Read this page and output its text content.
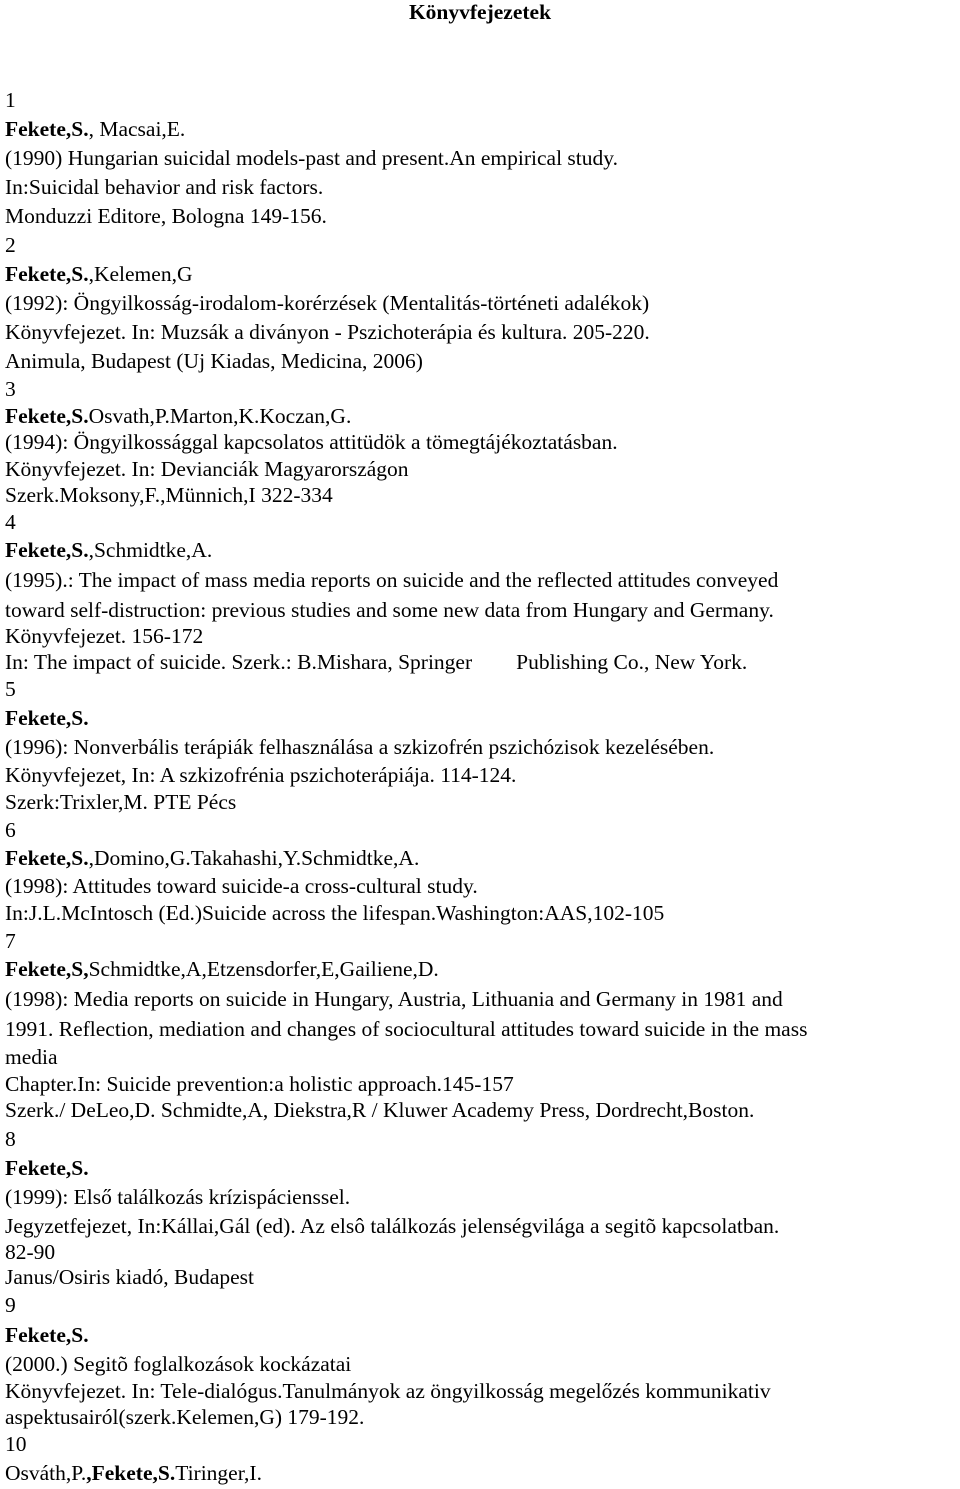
Könyvfejezetek
1
Fekete,S., Macsai,E.
(1990) Hungarian suicidal models-past and present.An empirical study.
In:Suicidal behavior and risk factors.
Monduzzi Editore, Bologna 149-156.
2
Fekete,S.,Kelemen,G
(1992): Öngyilkosság-irodalom-korérzések (Mentalitás-történeti adalékok)
Könyvfejezet. In: Muzsák a diványon - Pszichoterápia és kultura. 205-220.
Animula, Budapest (Uj Kiadas, Medicina, 2006)
3
Fekete,S.Osvath,P.Marton,K.Koczan,G.
(1994): Öngyilkossággal kapcsolatos attitüdök a tömegtájékoztatásban.
Könyvfejezet. In: Devianciák Magyarországon
Szerk.Moksony,F.,Münnich,I 322-334
4
Fekete,S.,Schmidtke,A.
(1995).: The impact of mass media reports on suicide and the reflected attitudes conveyed
toward self-distruction: previous studies and some new data from Hungary and Germany.
Könyvfejezet. 156-172
In: The impact of suicide. Szerk.: B.Mishara, Springer Publishing Co., New York.
5
Fekete,S.
(1996): Nonverbális terápiák felhasználása a szkizofrén pszichózisok kezelésében.
Könyvfejezet, In: A szkizofrénia pszichoterápiája. 114-124.
Szerk:Trixler,M. PTE Pécs
6
Fekete,S.,Domino,G.Takahashi,Y.Schmidtke,A.
(1998): Attitudes toward suicide-a cross-cultural study.
In:J.L.McIntosch (Ed.)Suicide across the lifespan.Washington:AAS,102-105
7
Fekete,S,Schmidtke,A,Etzensdorfer,E,Gailiene,D.
(1998): Media reports on suicide in Hungary, Austria, Lithuania and Germany in 1981 and
1991. Reflection, mediation and changes of sociocultural attitudes toward suicide in the mass
media
Chapter.In: Suicide prevention:a holistic approach.145-157
Szerk./ DeLeo,D. Schmidte,A, Diekstra,R / Kluwer Academy Press, Dordrecht,Boston.
8
Fekete,S.
(1999): Első találkozás krízispácienssel.
Jegyzetfejezet, In:Kállai,Gál (ed). Az elsô találkozás jelenségvilága a segitõ kapcsolatban.
82-90
Janus/Osiris kiadó, Budapest
9
Fekete,S.
(2000.) Segitõ foglalkozások kockázatai
Könyvfejezet. In: Tele-dialógus.Tanulmányok az öngyilkosság megelőzés kommunikativ
aspektusairól(szerk.Kelemen,G) 179-192.
10
Osváth,P.,Fekete,S.Tiringer,I.
